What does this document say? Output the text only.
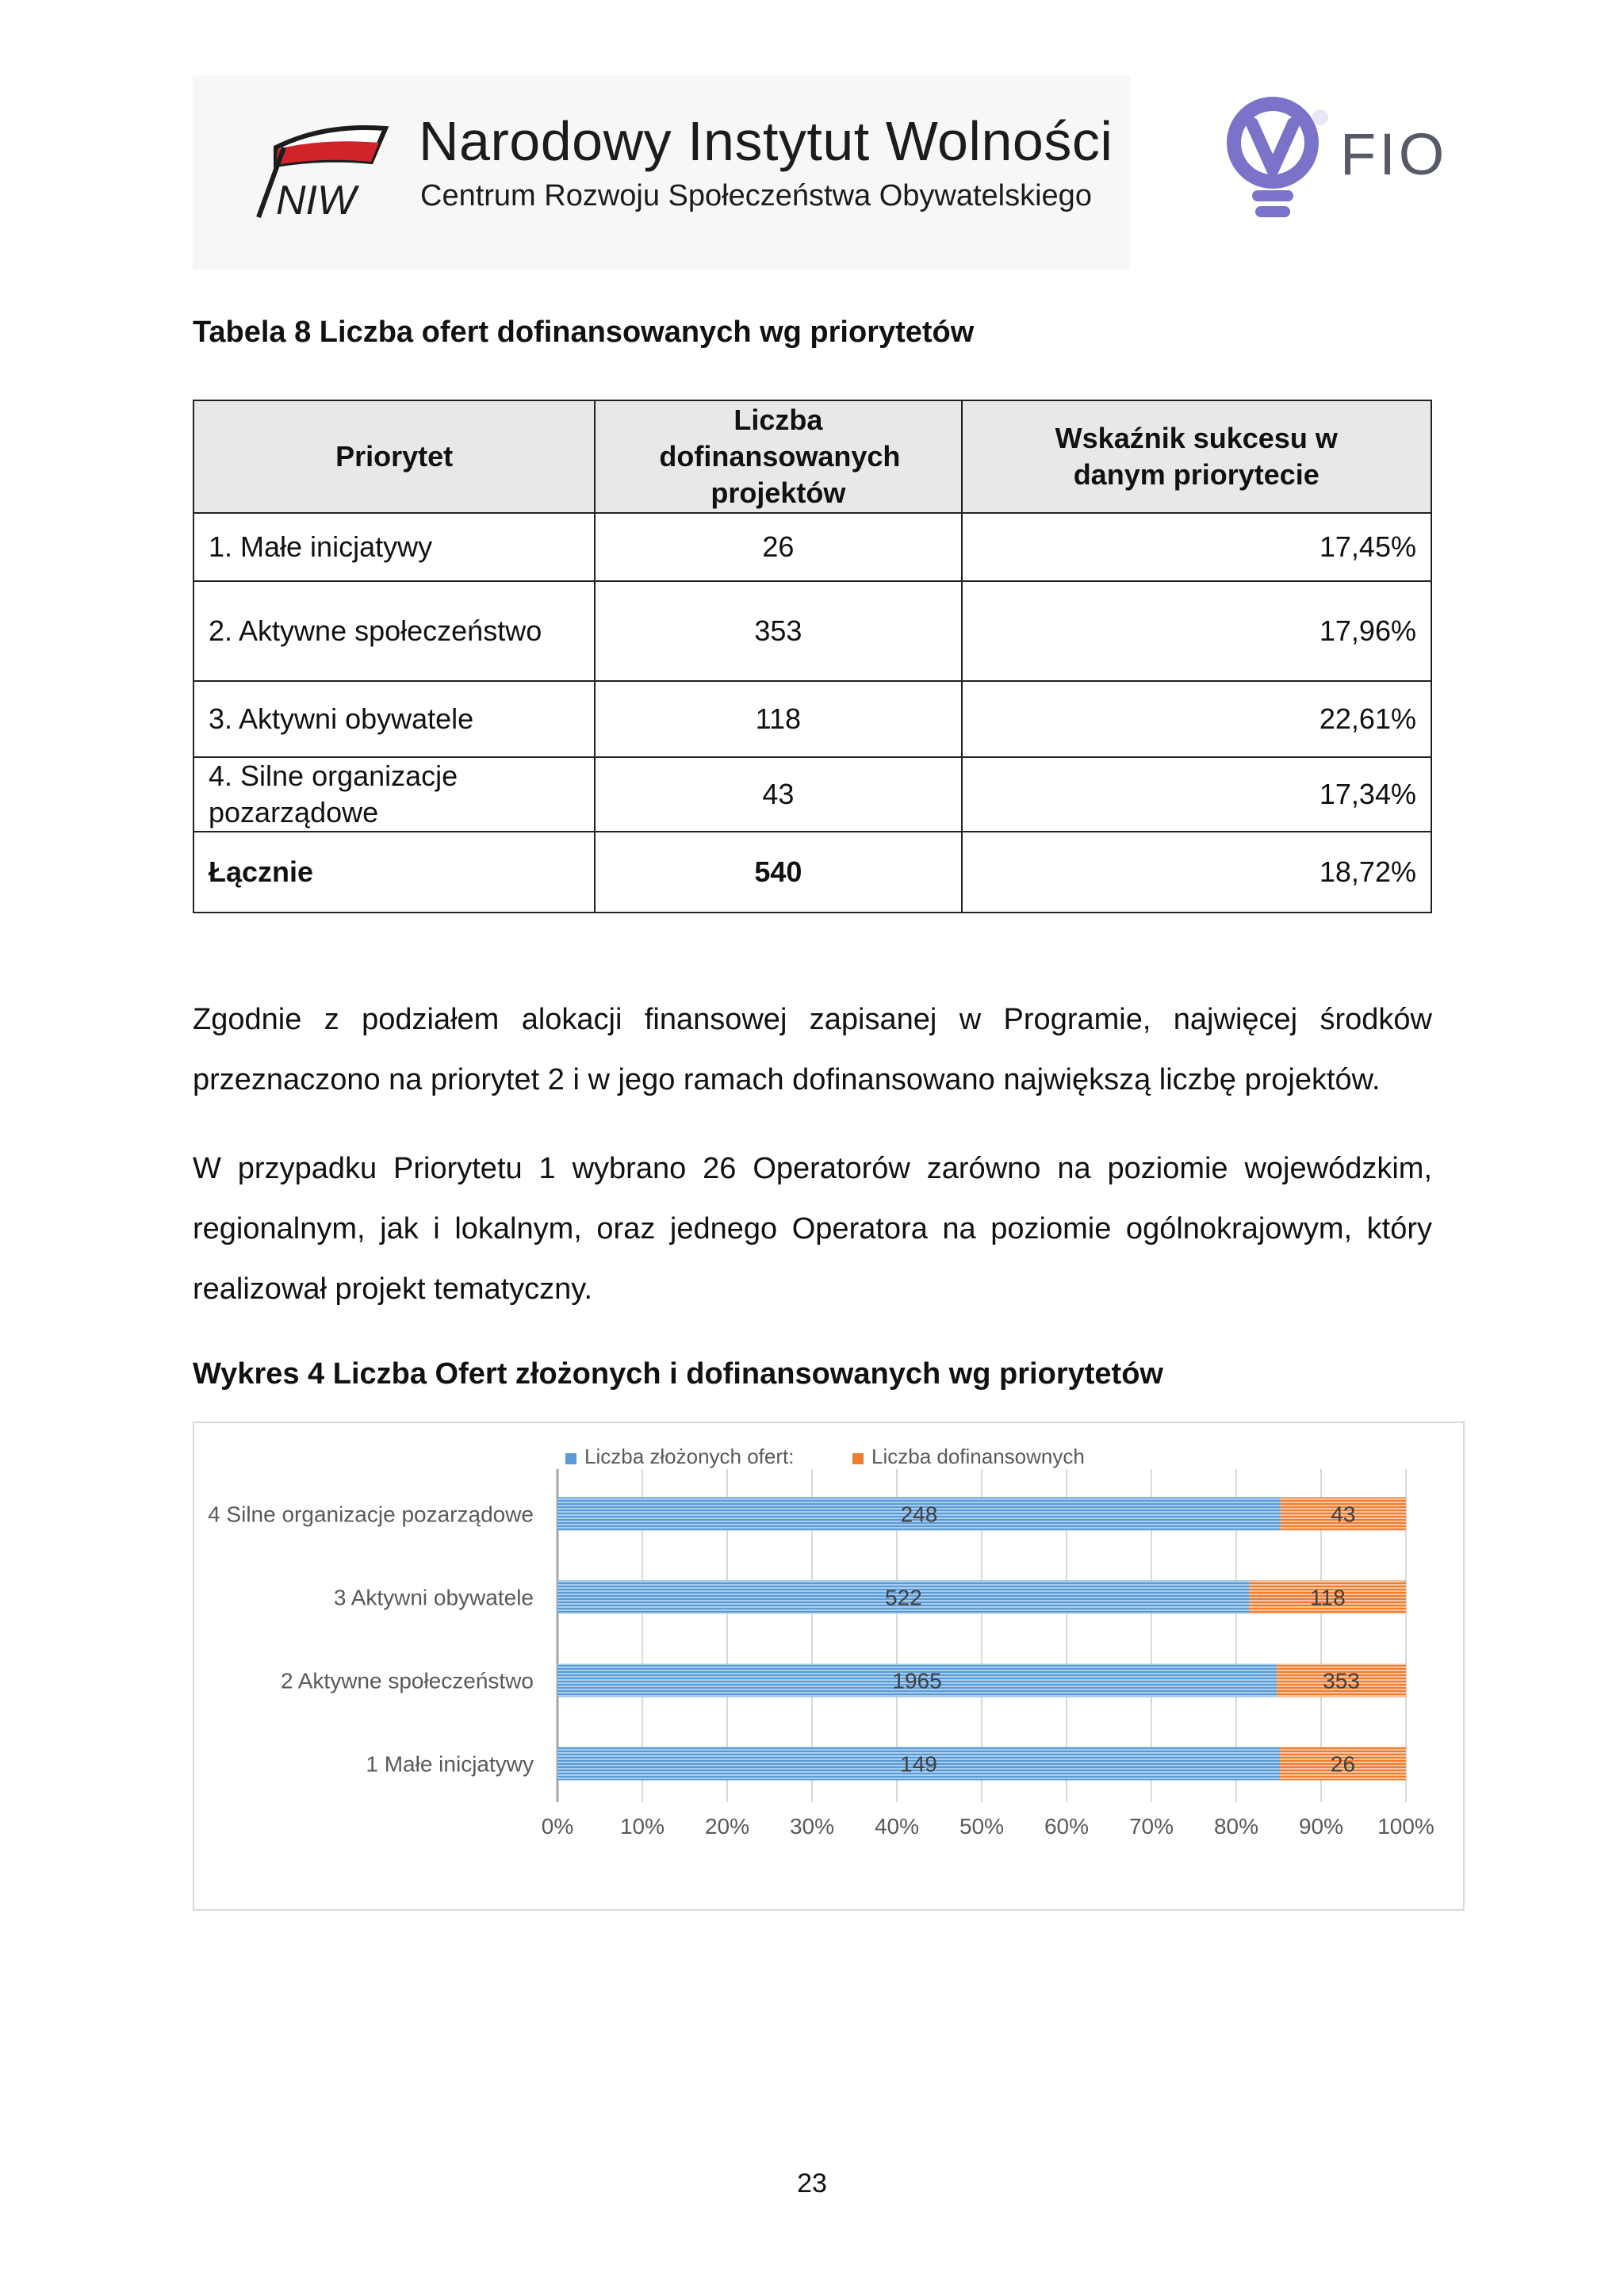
NIW
Narodowy Instytut Wolności
Centrum Rozwoju Społeczeństwa Obywatelskiego
FIO
Tabela 8 Liczba ofert dofinansowanych wg priorytetów
Priorytet	Liczba dofinansowanych projektów	Wskaźnik sukcesu w danym priorytecie

1. Małe inicjatywy	26	17,45%
2. Aktywne społeczeństwo	353	17,96%
3. Aktywni obywatele	118	22,61%

4. Silne organizacje pozarządowe	43	17,34%
Łącznie	540	18,72%

Zgodnie z podziałem alokacji finansowej zapisanej w Programie, najwięcej środków przeznaczono na priorytet 2 i w jego ramach dofinansowano największą liczbę projektów.

W przypadku Priorytetu 1 wybrano 26 Operatorów zarówno na poziomie wojewódzkim, regionalnym, jak i lokalnym, oraz jednego Operatora na poziomie ogólnokrajowym, który realizował projekt tematyczny.

Wykres 4 Liczba Ofert złożonych i dofinansowanych wg priorytetów
Liczba złożonych ofert:	Liczba dofinansownych
248	43
522	118
1965	353
149	26
4 Silne organizacje pozarządowe
3 Aktywni obywatele
2 Aktywne społeczeństwo
1 Małe inicjatywy
0% 10% 20% 30% 40% 50% 60% 70% 80% 90% 100%
23
